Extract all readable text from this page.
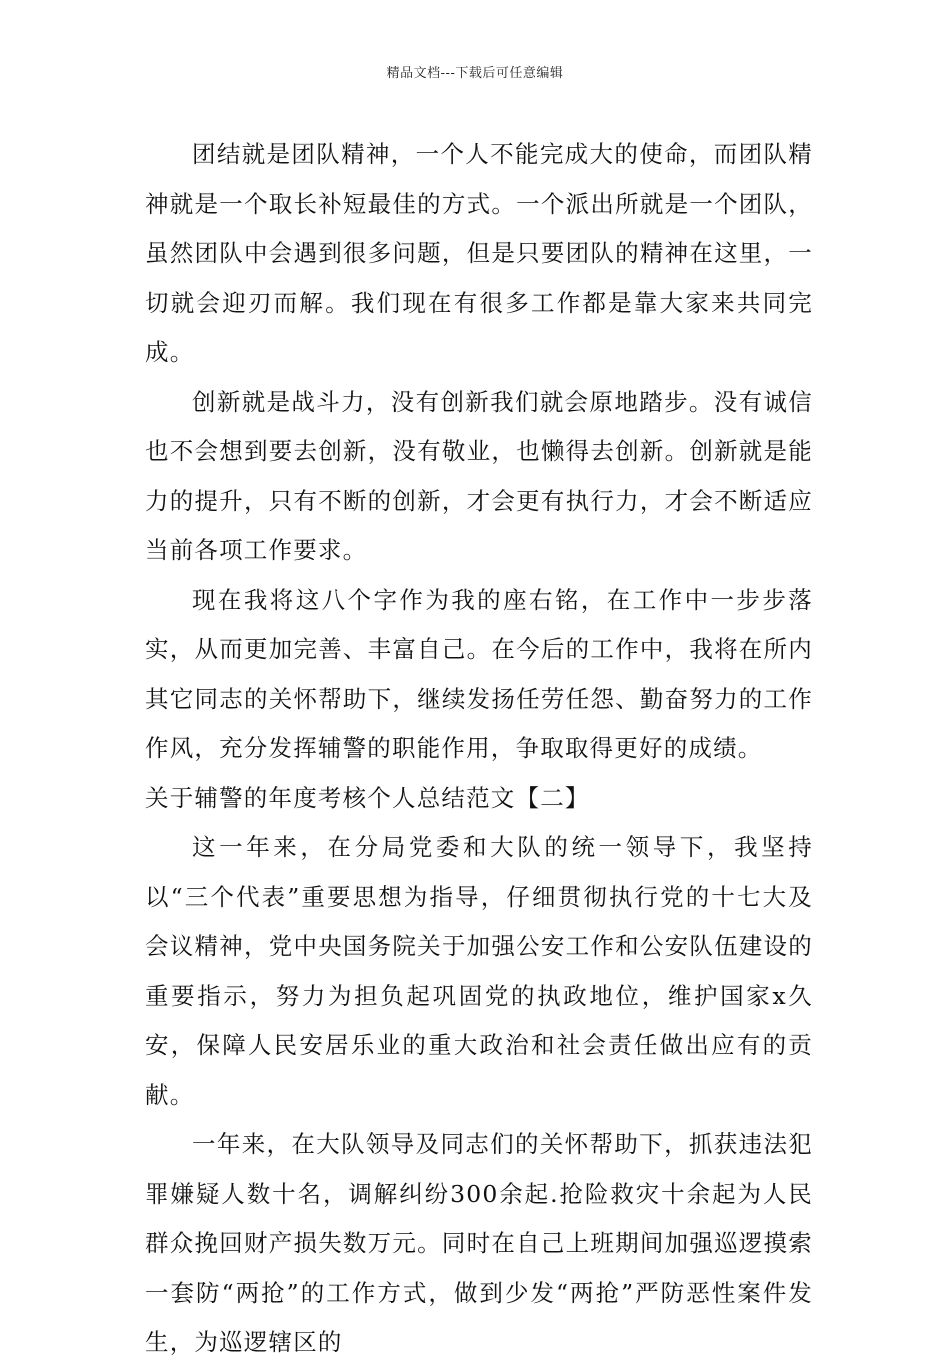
精品文档---下载后可任意编辑

团结就是团队精神，一个人不能完成大的使命，而团队精神就是一个取长补短最佳的方式。一个派出所就是一个团队，虽然团队中会遇到很多问题，但是只要团队的精神在这里，一切就会迎刃而解。我们现在有很多工作都是靠大家来共同完成。

创新就是战斗力，没有创新我们就会原地踏步。没有诚信也不会想到要去创新，没有敬业，也懒得去创新。创新就是能力的提升，只有不断的创新，才会更有执行力，才会不断适应当前各项工作要求。

现在我将这八个字作为我的座右铭，在工作中一步步落实，从而更加完善、丰富自己。在今后的工作中，我将在所内其它同志的关怀帮助下，继续发扬任劳任怨、勤奋努力的工作作风，充分发挥辅警的职能作用，争取取得更好的成绩。

关于辅警的年度考核个人总结范文【二】

这一年来，在分局党委和大队的统一领导下，我坚持以“三个代表”重要思想为指导，仔细贯彻执行党的十七大及会议精神，党中央国务院关于加强公安工作和公安队伍建设的重要指示，努力为担负起巩固党的执政地位，维护国家x久安，保障人民安居乐业的重大政治和社会责任做出应有的贡献。

一年来，在大队领导及同志们的关怀帮助下，抓获违法犯罪嫌疑人数十名，调解纠纷300余起.抢险救灾十余起为人民群众挽回财产损失数万元。同时在自己上班期间加强巡逻摸索一套防“两抢”的工作方式，做到少发“两抢”严防恶性案件发生，为巡逻辖区的
